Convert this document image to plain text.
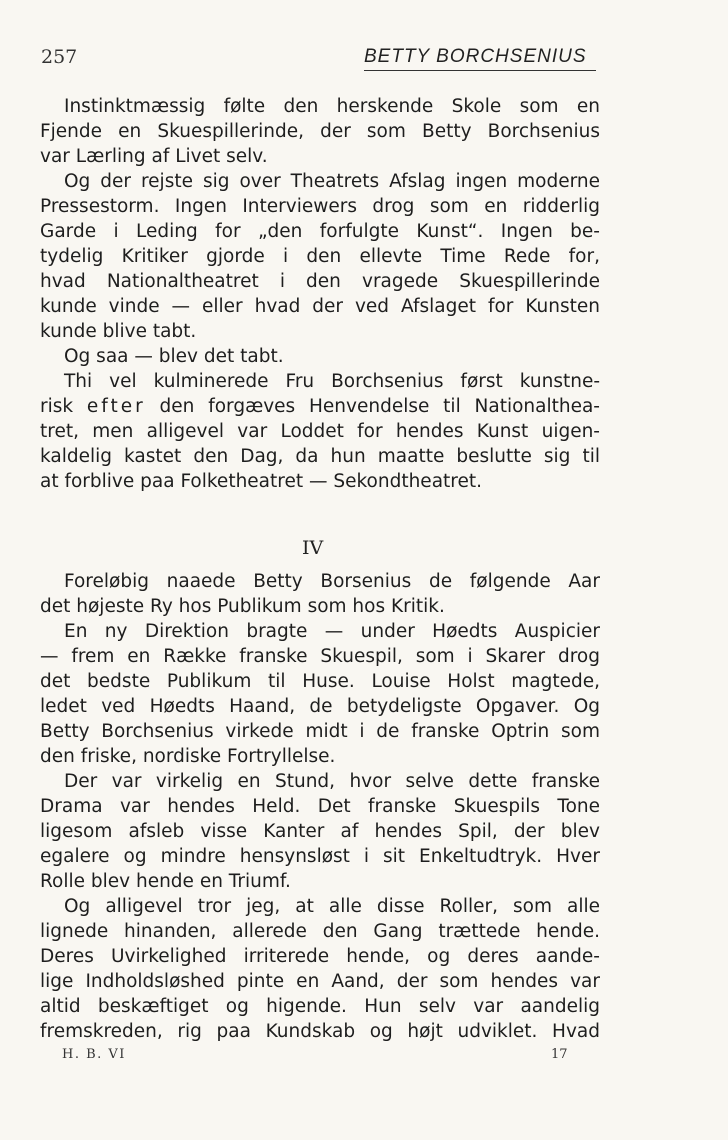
257	BETTY BORCHSENIUS

Instinktmæssig følte den herskende Skole som en
Fjende en Skuespillerinde, der som Betty Borchsenius
var Lærling af Livet selv.

Og der rejste sig over Theatrets Afslag ingen moderne
Pressestorm. Ingen Interviewers drog som en ridderlig
Garde i Leding for „den forfulgte Kunst“. Ingen be-
tydelig Kritiker gjorde i den ellevte Time Rede for,
hvad Nationaltheatret i den vragede Skuespillerinde
kunde vinde — eller hvad der ved Afslaget for Kunsten
kunde blive tabt.

Og saa — blev det tabt.

Thi vel kulminerede Fru Borchsenius først kunstne-
risk efter den forgæves Henvendelse til Nationalthea-
tret, men alligevel var Loddet for hendes Kunst uigen-
kaldelig kastet den Dag, da hun maatte beslutte sig til
at forblive paa Folketheatret — Sekondtheatret.

IV

Foreløbig naaede Betty Borsenius de følgende Aar
det højeste Ry hos Publikum som hos Kritik.

En ny Direktion bragte — under Høedts Auspicier
— frem en Række franske Skuespil, som i Skarer drog
det bedste Publikum til Huse. Louise Holst magtede,
ledet ved Høedts Haand, de betydeligste Opgaver. Og
Betty Borchsenius virkede midt i de franske Optrin som
den friske, nordiske Fortryllelse.

Der var virkelig en Stund, hvor selve dette franske
Drama var hendes Held. Det franske Skuespils Tone
ligesom afsleb visse Kanter af hendes Spil, der blev
egalere og mindre hensynsløst i sit Enkeltudtryk. Hver
Rolle blev hende en Triumf.

Og alligevel tror jeg, at alle disse Roller, som alle
lignede hinanden, allerede den Gang trættede hende.
Deres Uvirkelighed irriterede hende, og deres aande-
lige Indholdsløshed pinte en Aand, der som hendes var
altid beskæftiget og higende. Hun selv var aandelig
fremskreden, rig paa Kundskab og højt udviklet. Hvad

H. B. VI	17
